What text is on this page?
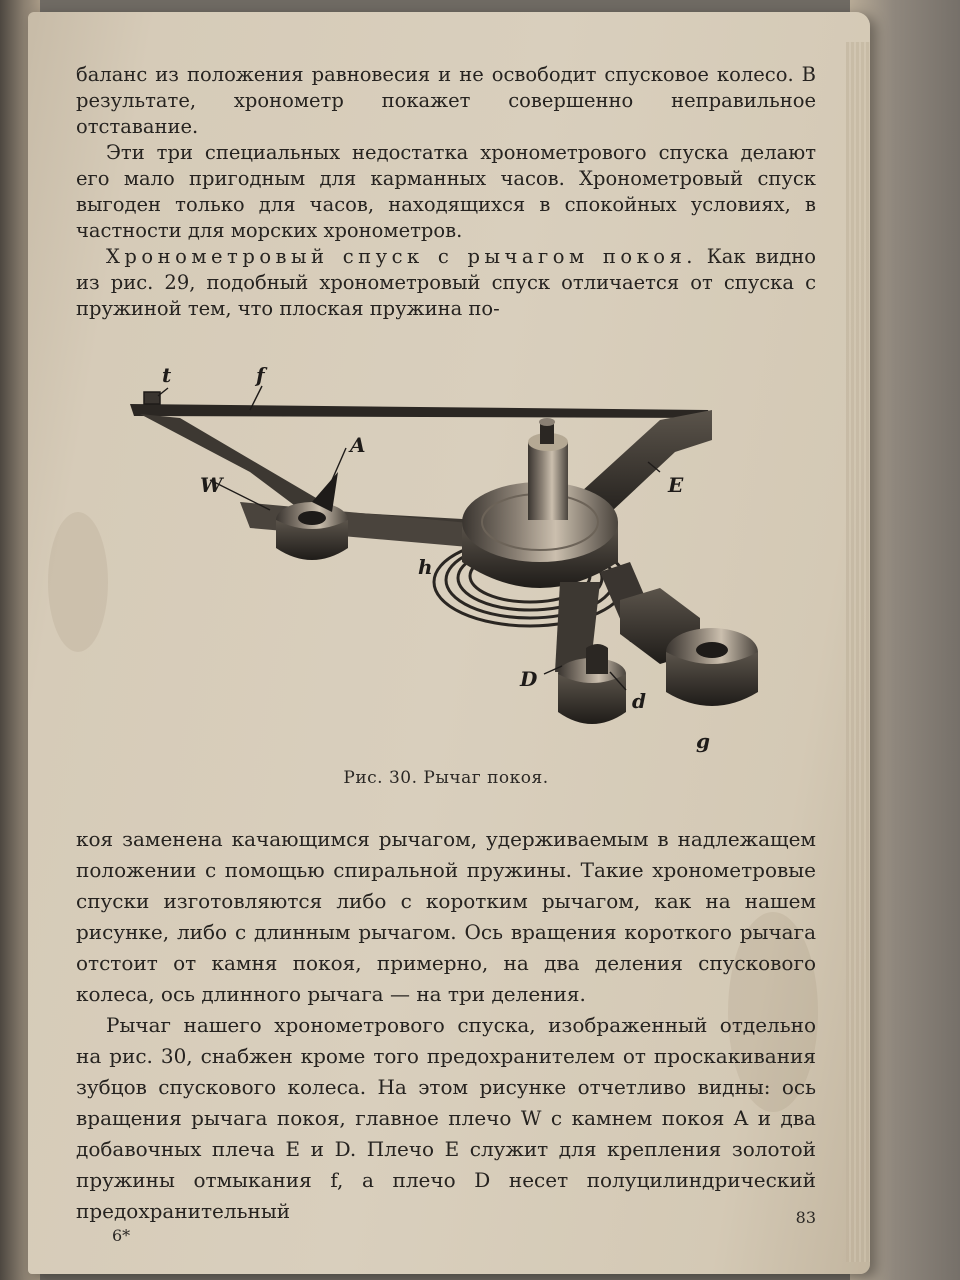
баланс из положения равновесия и не освободит спусковое колесо. В результате, хронометр покажет совершенно неправильное отставание.

Эти три специальных недостатка хронометрового спуска делают его мало пригодным для карманных часов. Хронометровый спуск выгоден только для часов, находящихся в спокойных условиях, в частности для морских хронометров.

Хронометровый спуск с рычагом покоя. Как видно из рис. 29, подобный хронометровый спуск отличается от спуска с пружиной тем, что плоская пружина по-

t	f
A
W	E
h
D
d
g
Рис. 30. Рычаг покоя.

коя заменена качающимся рычагом, удерживаемым в надлежащем положении с помощью спиральной пружины. Такие хронометровые спуски изготовляются либо с коротким рычагом, как на нашем рисунке, либо с длинным рычагом. Ось вращения короткого рычага отстоит от камня покоя, примерно, на два деления спускового колеса, ось длинного рычага — на три деления.

Рычаг нашего хронометрового спуска, изображенный отдельно на рис. 30, снабжен кроме того предохранителем от проскакивания зубцов спускового колеса. На этом рисунке отчетливо видны: ось вращения рычага покоя, главное плечо W с камнем покоя A и два добавочных плеча E и D. Плечо E служит для крепления золотой пружины отмыкания f, а плечо D несет полуцилиндрический предохранительный

6*
83
